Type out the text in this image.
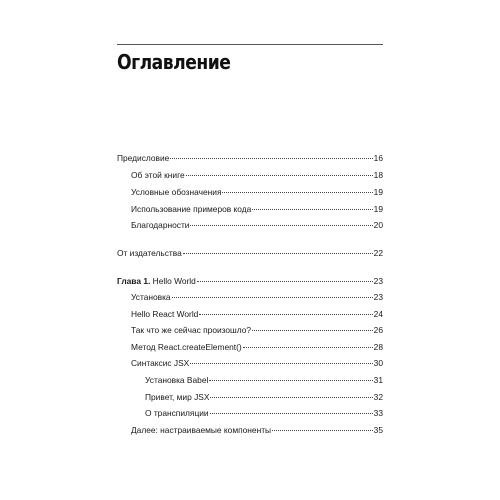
Оглавление
Предисловие	16
Об этой книге	18
Условные обозначения	19
Использование примеров кода	19
Благодарности	20
От издательства	22
Глава 1. Hello World	23
Установка	23
Hello React World	24
Так что же сейчас произошло?	26
Метод React.createElement()	28
Синтаксис JSX	30
Установка Babel	31
Привет, мир JSX	32
О транспиляции	33
Далее: настраиваемые компоненты	35
